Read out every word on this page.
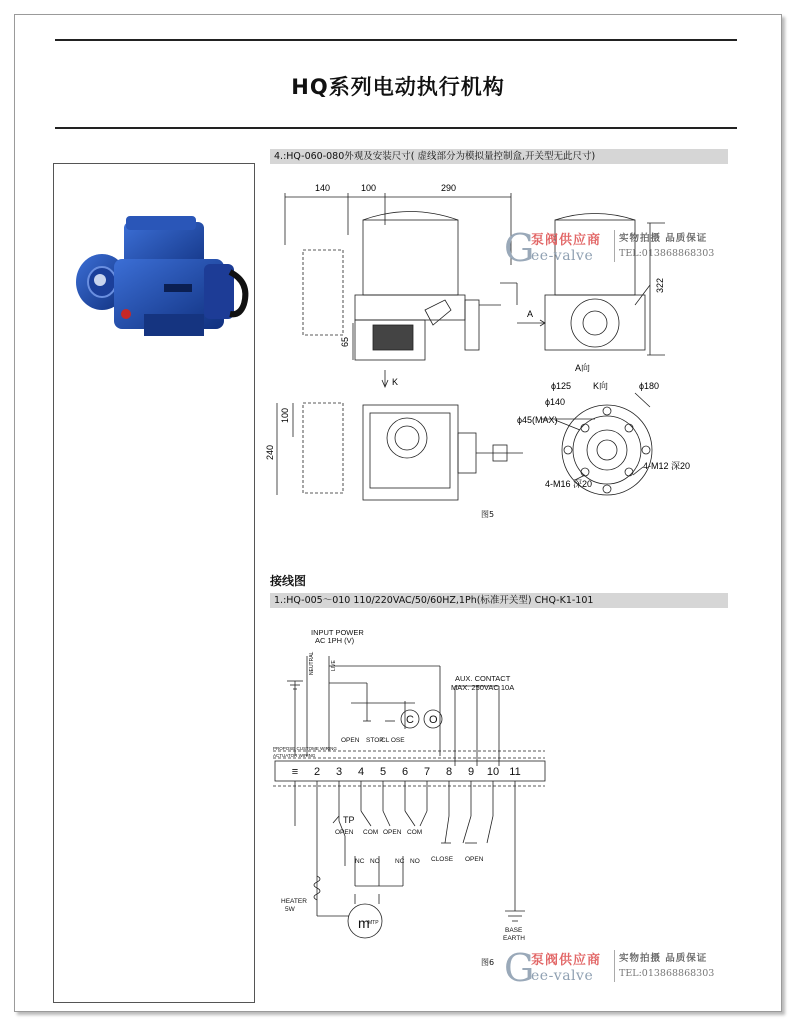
HQ系列电动执行机构
4.:HQ-060-080外观及安装尺寸( 虚线部分为模拟量控制盒,开关型无此尺寸)
140	100	290
322
65
A
A向
K
100
240
K向
ϕ125	ϕ180
ϕ140
ϕ45(MAX)
4-M16 深20
4-M12 深20
图5
接线图
1.:HQ-005～010 110/220VAC/50/60HZ,1Ph(标准开关型) CHQ-K1-101
INPUT POWER
AC 1PH (V)
NEUTRAL	LIVE
AUX. CONTACT
MAX. 250VAC 10A
OPEN STOP
CL OSE
C O
PROPOSE CUSTOME WIRING
ACTUATOR WIRING
≡ 2 3 4 5 6 7 8 9 10 11
TP
OPEN COM OPEN COM
NC NO NC NO CLOSE OPEN
HEATER
5W
m
MTP
BASE
EARTH
图6
G
泵阀供应商
ee-valve
实物拍摄 品质保证
TEL:013868868303
G
泵阀供应商
ee-valve
实物拍摄 品质保证
TEL:013868868303
